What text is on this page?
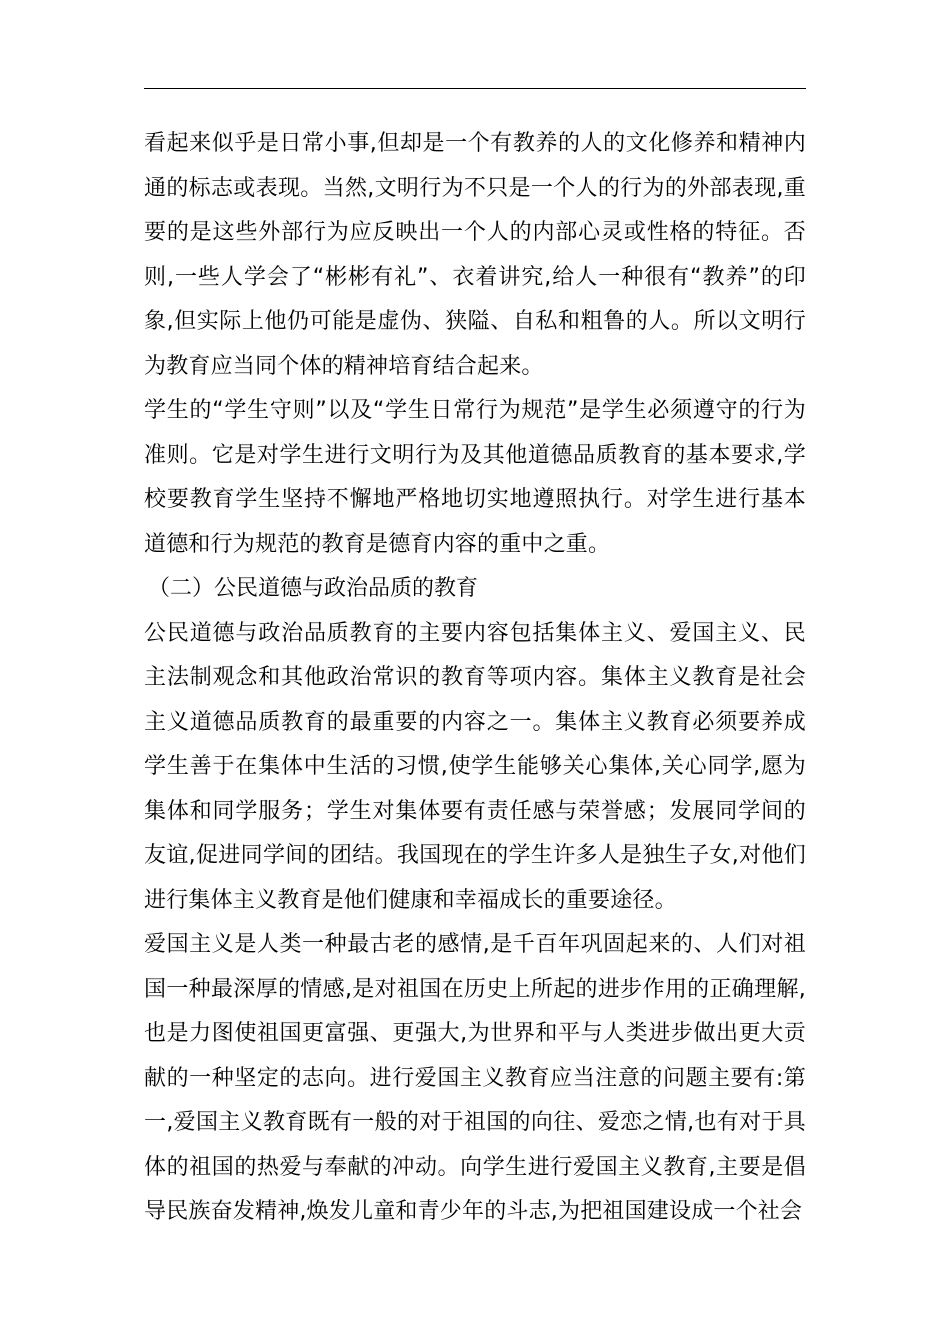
看起来似乎是日常小事,但却是一个有教养的人的文化修养和精神内通的标志或表现。当然,文明行为不只是一个人的行为的外部表现,重要的是这些外部行为应反映出一个人的内部心灵或性格的特征。否则,一些人学会了“彬彬有礼”、衣着讲究,给人一种很有“教养”的印象,但实际上他仍可能是虚伪、狭隘、自私和粗鲁的人。所以文明行为教育应当同个体的精神培育结合起来。

学生的“学生守则”以及“学生日常行为规范”是学生必须遵守的行为准则。它是对学生进行文明行为及其他道德品质教育的基本要求,学校要教育学生坚持不懈地严格地切实地遵照执行。对学生进行基本道德和行为规范的教育是德育内容的重中之重。

（二）公民道德与政治品质的教育

公民道德与政治品质教育的主要内容包括集体主义、爱国主义、民主法制观念和其他政治常识的教育等项内容。集体主义教育是社会主义道德品质教育的最重要的内容之一。集体主义教育必须要养成学生善于在集体中生活的习惯,使学生能够关心集体,关心同学,愿为集体和同学服务；学生对集体要有责任感与荣誉感；发展同学间的友谊,促进同学间的团结。我国现在的学生许多人是独生子女,对他们进行集体主义教育是他们健康和幸福成长的重要途径。

爱国主义是人类一种最古老的感情,是千百年巩固起来的、人们对祖国一种最深厚的情感,是对祖国在历史上所起的进步作用的正确理解,也是力图使祖国更富强、更强大,为世界和平与人类进步做出更大贡献的一种坚定的志向。进行爱国主义教育应当注意的问题主要有:第一,爱国主义教育既有一般的对于祖国的向往、爱恋之情,也有对于具体的祖国的热爱与奉献的冲动。向学生进行爱国主义教育,主要是倡导民族奋发精神,焕发儿童和青少年的斗志,为把祖国建设成一个社会
